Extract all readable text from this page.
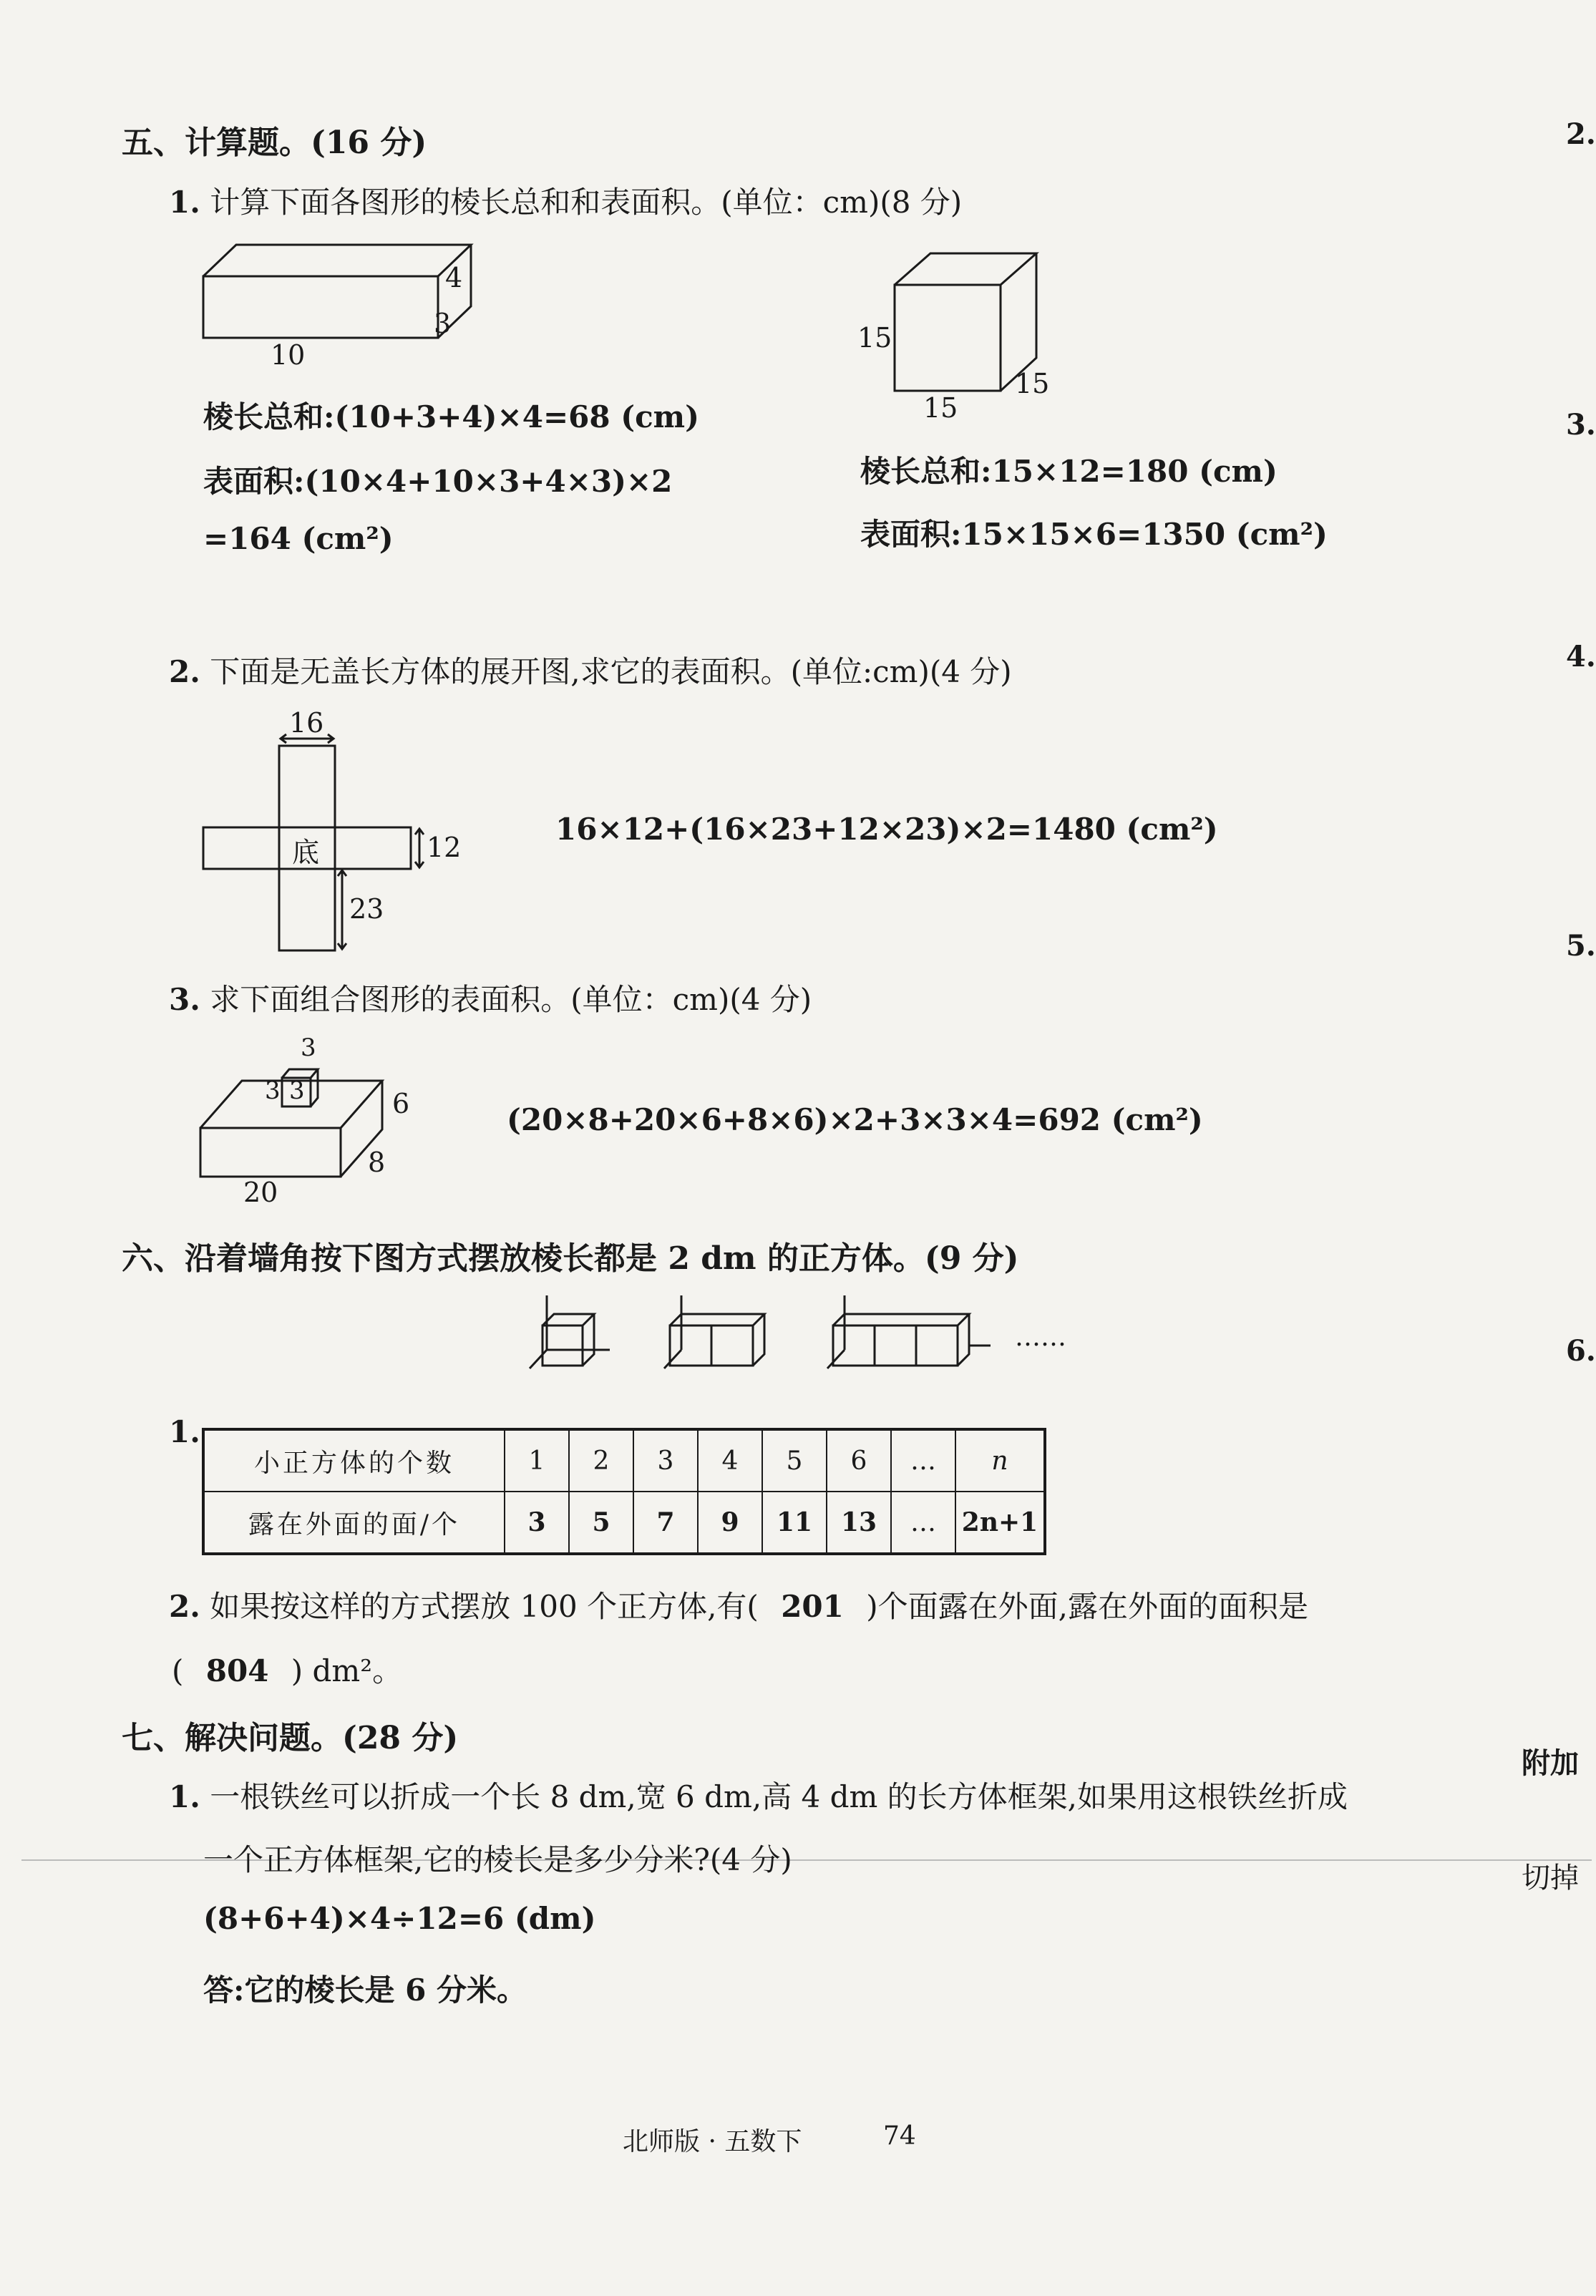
五、计算题。(16 分)
1. 计算下面各图形的棱长总和和表面积。(单位：cm)(8 分)
4
3
10
15
15
15
棱长总和:(10+3+4)×4=68 (cm)
表面积:(10×4+10×3+4×3)×2
=164 (cm²)
棱长总和:15×12=180 (cm)
表面积:15×15×6=1350 (cm²)
2. 下面是无盖长方体的展开图,求它的表面积。(单位:cm)(4 分)
16
12
23
底
16×12+(16×23+12×23)×2=1480 (cm²)
3. 求下面组合图形的表面积。(单位：cm)(4 分)
3
3 3	6
8
20
(20×8+20×6+8×6)×2+3×3×4=692 (cm²)
六、沿着墙角按下图方式摆放棱长都是 2 dm 的正方体。(9 分)
……
1.
小正方体的个数	1	2	3	4	5	6	…	n
露在外面的面/个	3	5	7	9	11	13	…	2n+1
2. 如果按这样的方式摆放 100 个正方体,有( 201 )个面露在外面,露在外面的面积是
( 804 ) dm²。
七、解决问题。(28 分)
1. 一根铁丝可以折成一个长 8 dm,宽 6 dm,高 4 dm 的长方体框架,如果用这根铁丝折成
一个正方体框架,它的棱长是多少分米?(4 分)
(8+6+4)×4÷12=6 (dm)
答:它的棱长是 6 分米。
2.
3.
4.
5.
6.
附加
切掉
北师版 · 五数下	74
